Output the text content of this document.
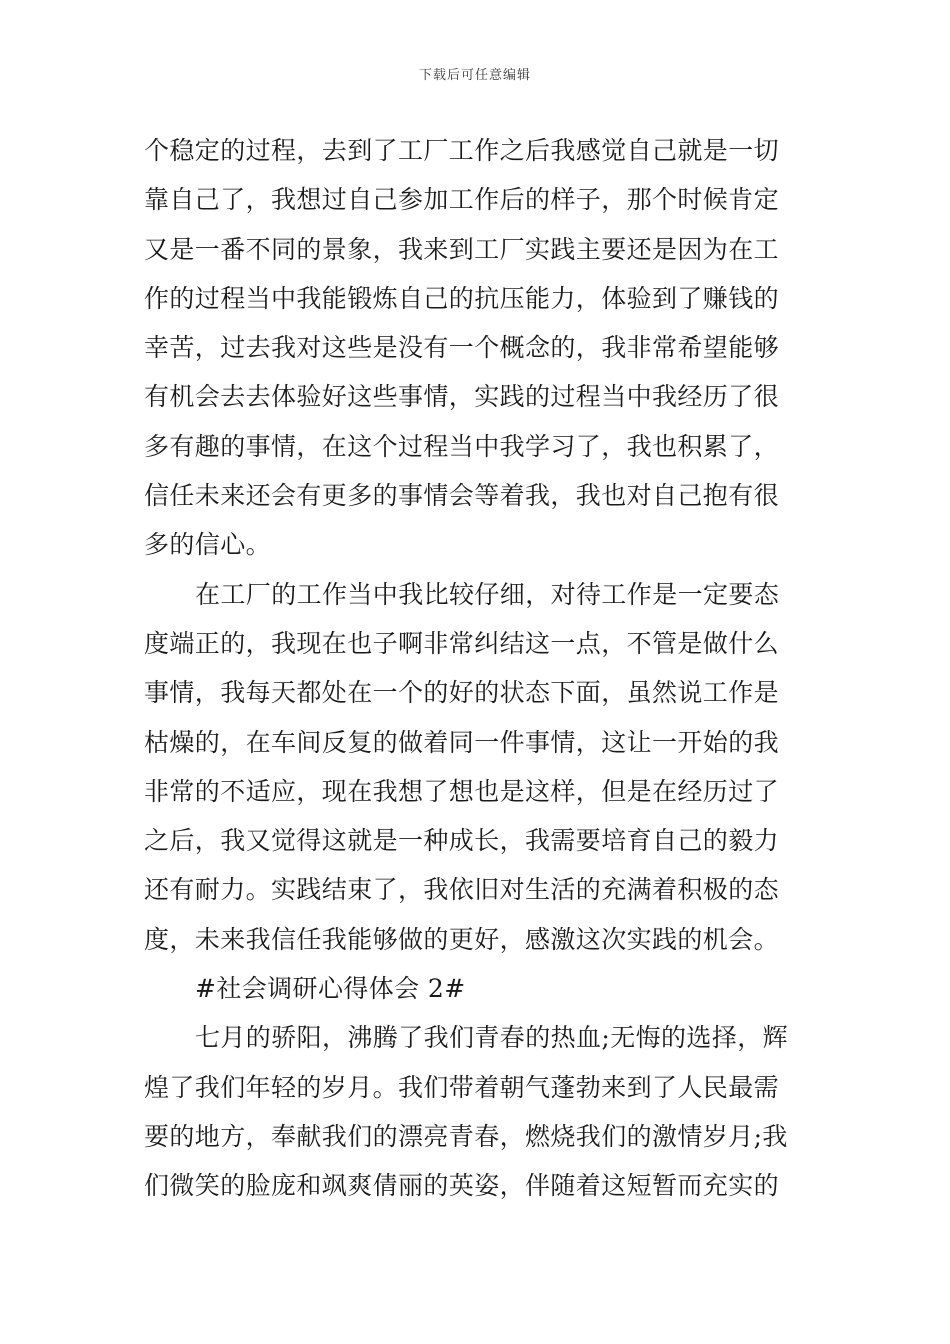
下载后可任意编辑
个稳定的过程，去到了工厂工作之后我感觉自己就是一切
靠自己了，我想过自己参加工作后的样子，那个时候肯定
又是一番不同的景象，我来到工厂实践主要还是因为在工
作的过程当中我能锻炼自己的抗压能力，体验到了赚钱的
幸苦，过去我对这些是没有一个概念的，我非常希望能够
有机会去去体验好这些事情，实践的过程当中我经历了很
多有趣的事情，在这个过程当中我学习了，我也积累了，
信任未来还会有更多的事情会等着我，我也对自己抱有很
多的信心。
在工厂的工作当中我比较仔细，对待工作是一定要态
度端正的，我现在也子啊非常纠结这一点，不管是做什么
事情，我每天都处在一个的好的状态下面，虽然说工作是
枯燥的，在车间反复的做着同一件事情，这让一开始的我
非常的不适应，现在我想了想也是这样，但是在经历过了
之后，我又觉得这就是一种成长，我需要培育自己的毅力
还有耐力。实践结束了，我依旧对生活的充满着积极的态
度，未来我信任我能够做的更好，感激这次实践的机会。
#社会调研心得体会 2#
七月的骄阳，沸腾了我们青春的热血;无悔的选择，辉
煌了我们年轻的岁月。我们带着朝气蓬勃来到了人民最需
要的地方，奉献我们的漂亮青春，燃烧我们的激情岁月;我
们微笑的脸庞和飒爽倩丽的英姿，伴随着这短暂而充实的
